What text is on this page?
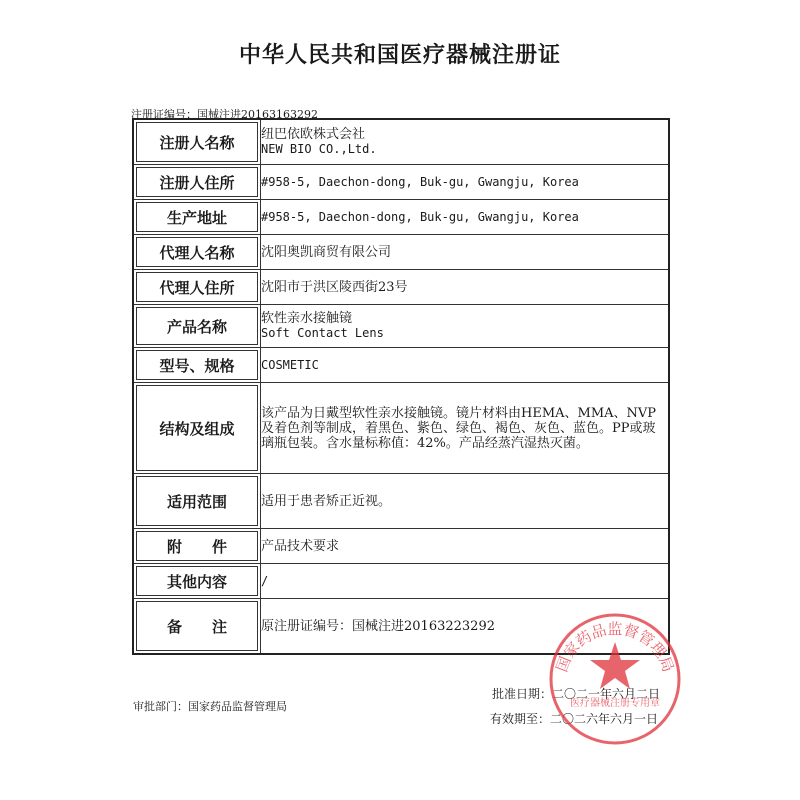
中华人民共和国医疗器械注册证
注册证编号：国械注进20163163292
注册人名称	纽巴依欧株式会社
NEW BIO CO.,Ltd.

注册人住所	#958-5, Daechon-dong, Buk-gu, Gwangju, Korea

生产地址	#958-5, Daechon-dong, Buk-gu, Gwangju, Korea

代理人名称	沈阳奥凯商贸有限公司

代理人住所	沈阳市于洪区陵西街23号

产品名称	软性亲水接触镜
Soft Contact Lens

型号、规格	COSMETIC

结构及组成	该产品为日戴型软性亲水接触镜。镜片材料由HEMA、MMA、NVP及着色剂等制成，着黑色、紫色、绿色、褐色、灰色、蓝色。PP或玻璃瓶包装。含水量标称值：42%。产品经蒸汽湿热灭菌。

适用范围	适用于患者矫正近视。

附　　件	产品技术要求

其他内容	/

备　　注	原注册证编号：国械注进20163223292
审批部门：国家药品监督管理局
批准日期：二〇二一年六月二日
有效期至：二〇二六年六月一日
国家药品监督管理局
医疗器械注册专用章
